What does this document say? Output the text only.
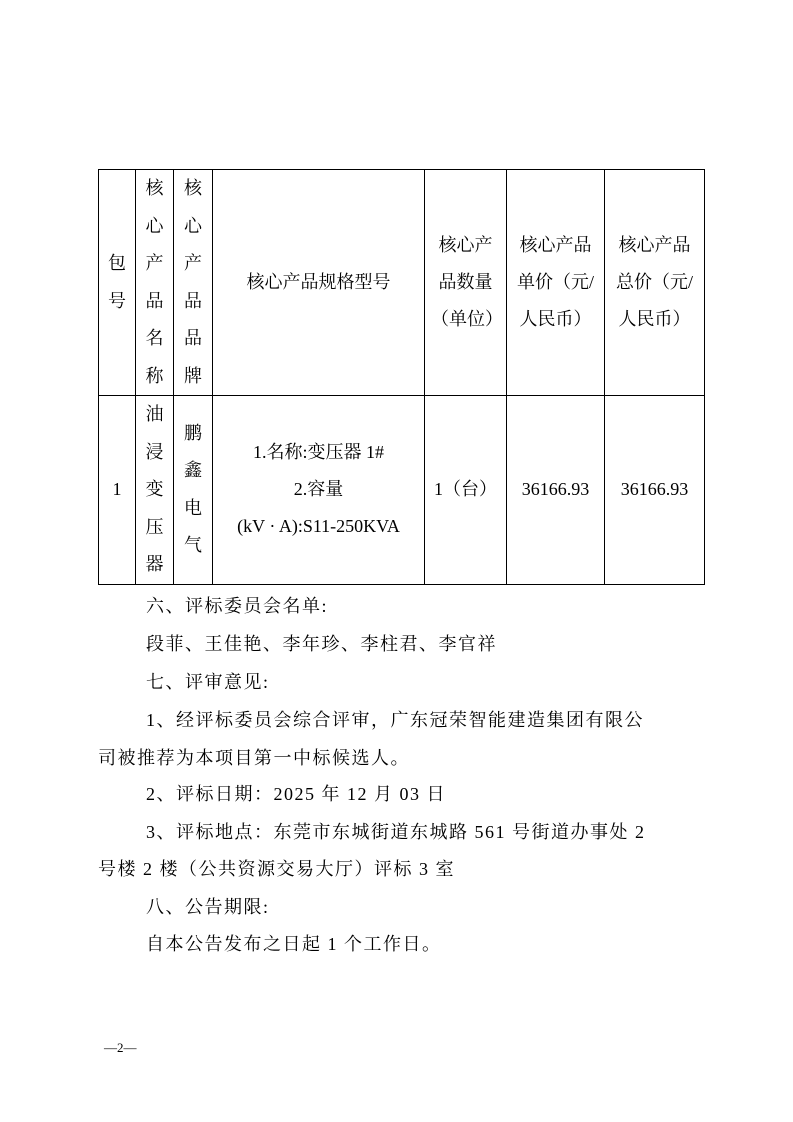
包号	核心产品名称	核心产品品牌	核心产品规格型号	核心产品数量（单位）	核心产品单价（元/人民币）	核心产品总价（元/人民币）
1	油浸变压器	鹏鑫电气	1.名称:变压器 1#
2.容量
(kV · A):S11-250KVA	1（台）	36166.93	36166.93
六、评标委员会名单:
段菲、王佳艳、李年珍、李柱君、李官祥
七、评审意见:
1、经评标委员会综合评审，广东冠荣智能建造集团有限公
司被推荐为本项目第一中标候选人。
2、评标日期：2025 年 12 月 03 日
3、评标地点：东莞市东城街道东城路 561 号街道办事处 2
号楼 2 楼（公共资源交易大厅）评标 3 室
八、公告期限:
自本公告发布之日起 1 个工作日。
—2—
